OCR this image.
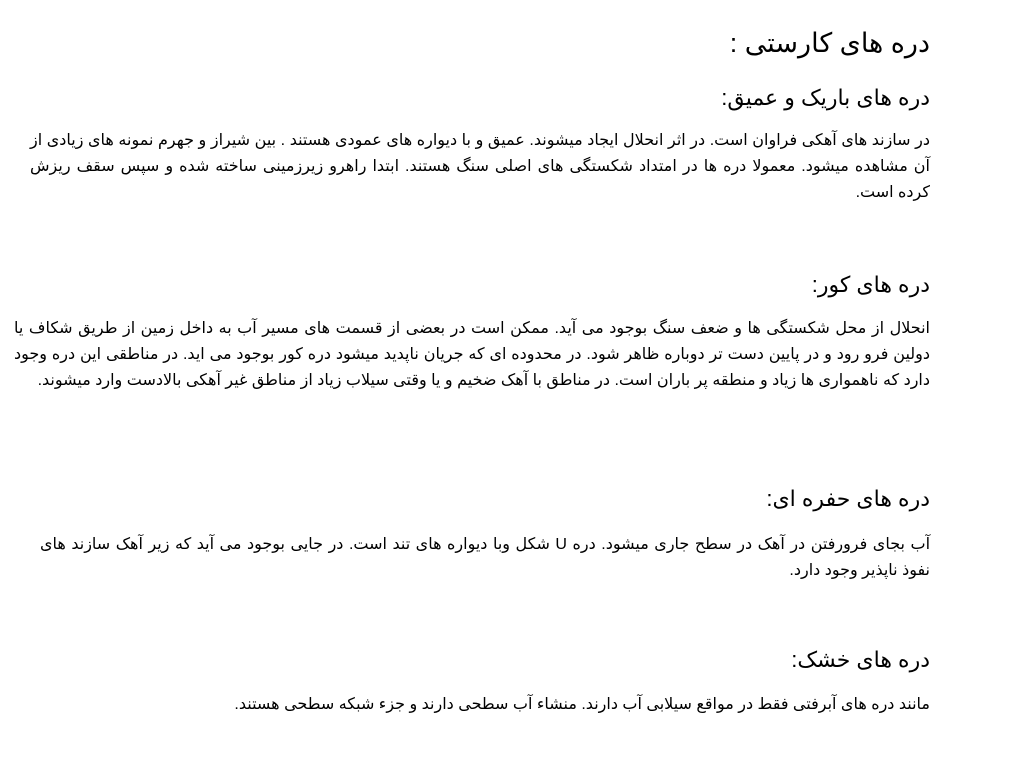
دره های کارستی :
دره های باریک و عمیق:

در سازند های آهکی فراوان است. در اثر انحلال ایجاد میشوند. عمیق و با دیواره های عمودی هستند . بین شیراز و جهرم نمونه های زیادی از آن مشاهده میشود. معمولا دره ها در امتداد شکستگی های اصلی سنگ هستند. ابتدا راهرو زیرزمینی ساخته شده و سپس سقف ریزش کرده است.

دره های کور:

انحلال از محل شکستگی ها و ضعف سنگ بوجود می آید. ممکن است در بعضی از قسمت های مسیر آب به داخل زمین از طریق شکاف یا دولین فرو رود و در پایین دست تر دوباره ظاهر شود. در محدوده ای که جریان ناپدید میشود دره کور بوجود می اید. در مناطقی این دره وجود دارد که ناهمواری ها زیاد و منطقه پر باران است. در مناطق با آهک ضخیم و یا وقتی سیلاب زیاد از مناطق غیر آهکی بالادست وارد میشوند.

دره های حفره ای:

آب بجای فرورفتن در آهک در سطح جاری میشود. دره U شکل وبا دیواره های تند است. در جایی بوجود می آید که زیر آهک سازند های نفوذ ناپذیر وجود دارد.

دره های خشک:

مانند دره های آبرفتی فقط در مواقع سیلابی آب دارند. منشاء آب سطحی دارند و جزء شبکه سطحی هستند.
